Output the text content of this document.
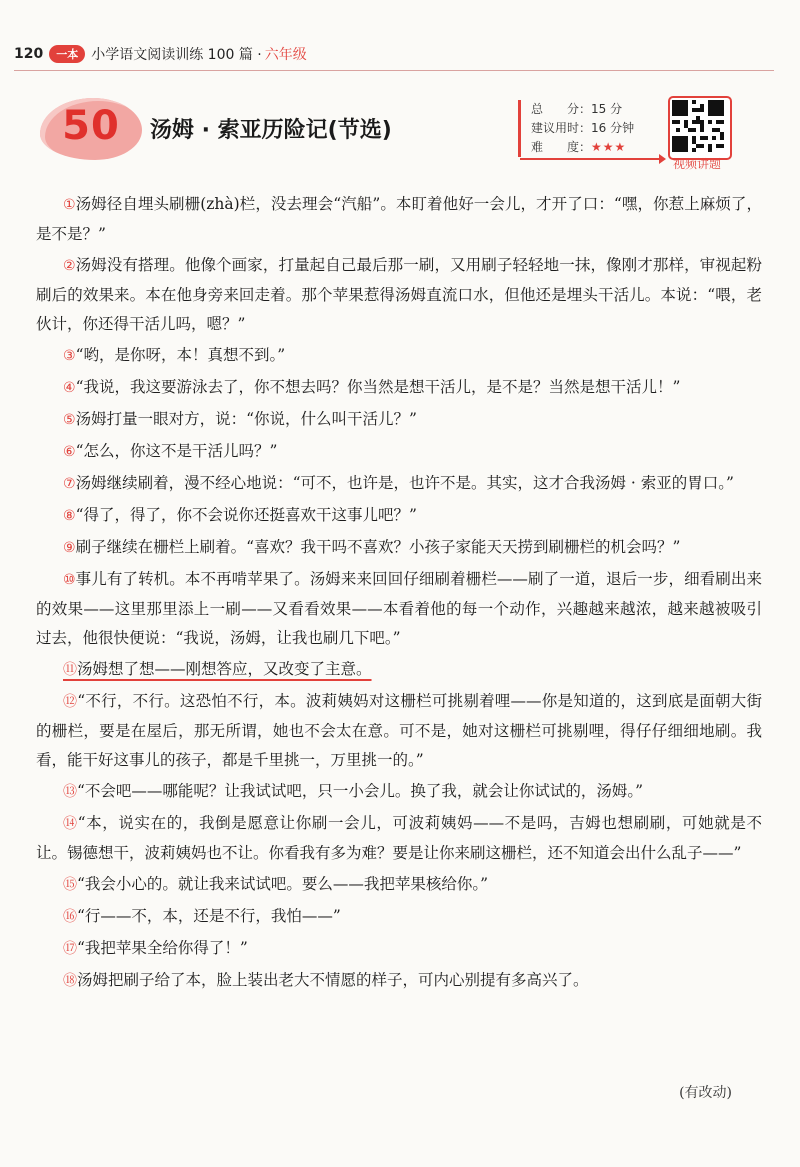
120	一本 小学语文阅读训练 100 篇 · 六年级
50	汤姆 · 索亚历险记(节选)
总　　分：15 分
建议用时：16 分钟
难　　度：★★★
视频讲题

①汤姆径自埋头刷栅(zhà)栏，没去理会“汽船”。本盯着他好一会儿，才开了口：“嘿，你惹上麻烦了，是不是？”

②汤姆没有搭理。他像个画家，打量起自己最后那一刷，又用刷子轻轻地一抹，像刚才那样，审视起粉刷后的效果来。本在他身旁来回走着。那个苹果惹得汤姆直流口水，但他还是埋头干活儿。本说：“喂，老伙计，你还得干活儿吗，嗯？”

③“哟，是你呀，本！真想不到。”

④“我说，我这要游泳去了，你不想去吗？你当然是想干活儿，是不是？当然是想干活儿！”

⑤汤姆打量一眼对方，说：“你说，什么叫干活儿？”

⑥“怎么，你这不是干活儿吗？”

⑦汤姆继续刷着，漫不经心地说：“可不，也许是，也许不是。其实，这才合我汤姆 · 索亚的胃口。”

⑧“得了，得了，你不会说你还挺喜欢干这事儿吧？”

⑨刷子继续在栅栏上刷着。“喜欢？我干吗不喜欢？小孩子家能天天捞到刷栅栏的机会吗？”

⑩事儿有了转机。本不再啃苹果了。汤姆来来回回仔细刷着栅栏——刷了一道，退后一步，细看刷出来的效果——这里那里添上一刷——又看看效果——本看着他的每一个动作，兴趣越来越浓，越来越被吸引过去，他很快便说：“我说，汤姆，让我也刷几下吧。”

⑪汤姆想了想——刚想答应，又改变了主意。

⑫“不行，不行。这恐怕不行，本。波莉姨妈对这栅栏可挑剔着哩——你是知道的，这到底是面朝大街的栅栏，要是在屋后，那无所谓，她也不会太在意。可不是，她对这栅栏可挑剔哩，得仔仔细细地刷。我看，能干好这事儿的孩子，都是千里挑一，万里挑一的。”

⑬“不会吧——哪能呢？让我试试吧，只一小会儿。换了我，就会让你试试的，汤姆。”

⑭“本，说实在的，我倒是愿意让你刷一会儿，可波莉姨妈——不是吗，吉姆也想刷刷，可她就是不让。锡德想干，波莉姨妈也不让。你看我有多为难？要是让你来刷这栅栏，还不知道会出什么乱子——”

⑮“我会小心的。就让我来试试吧。要么——我把苹果核给你。”

⑯“行——不，本，还是不行，我怕——”

⑰“我把苹果全给你得了！”

⑱汤姆把刷子给了本，脸上装出老大不情愿的样子，可内心别提有多高兴了。

(有改动)
